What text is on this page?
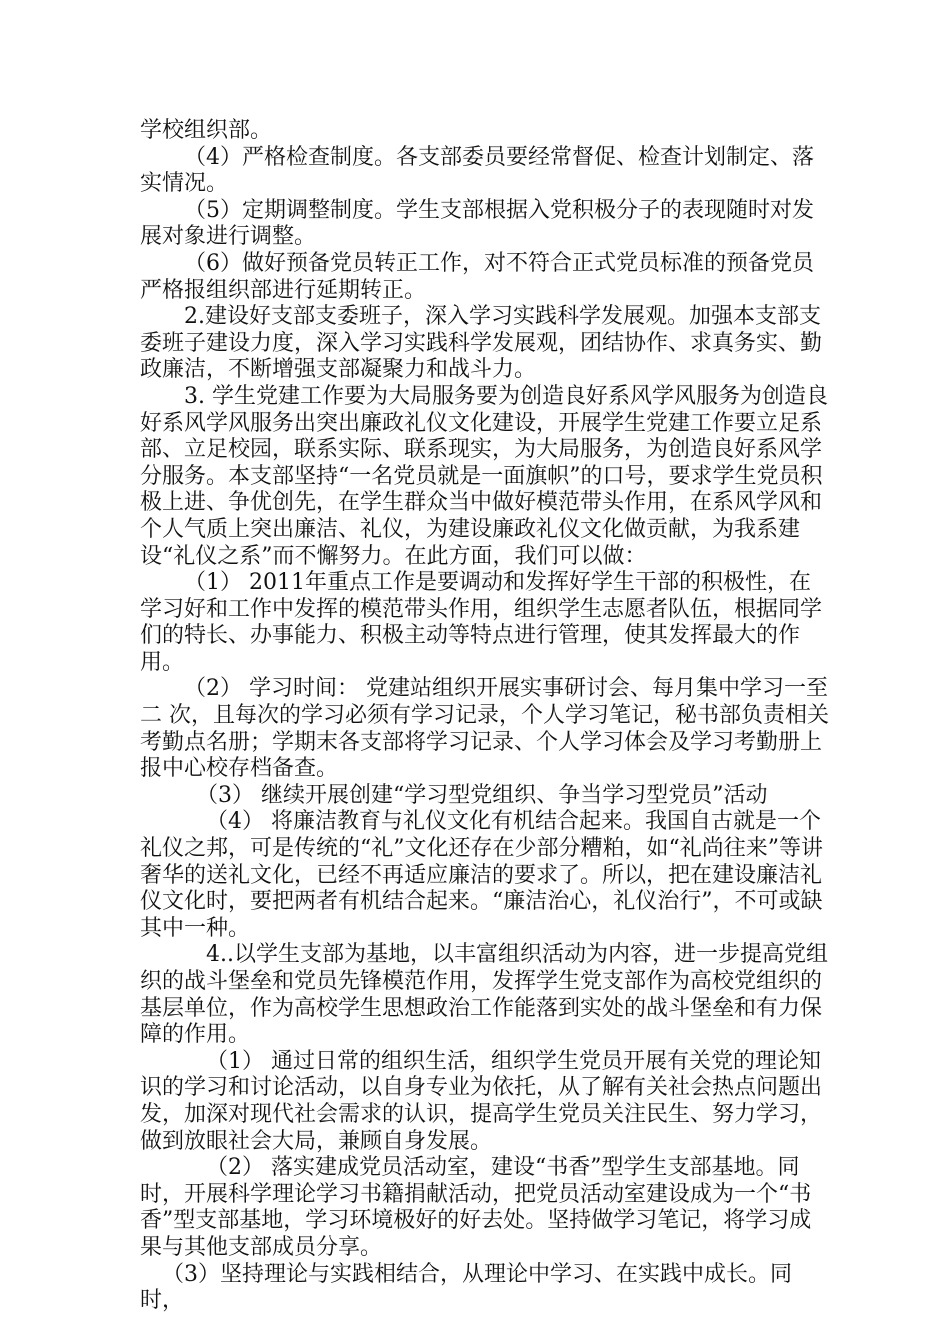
学校组织部。

（4）严格检查制度。各支部委员要经常督促、检查计划制定、落实情况。

（5）定期调整制度。学生支部根据入党积极分子的表现随时对发展对象进行调整。

（6）做好预备党员转正工作，对不符合正式党员标准的预备党员严格报组织部进行延期转正。

2.建设好支部支委班子，深入学习实践科学发展观。加强本支部支委班子建设力度，深入学习实践科学发展观，团结协作、求真务实、勤政廉洁，不断增强支部凝聚力和战斗力。

3. 学生党建工作要为大局服务要为创造良好系风学风服务为创造良好系风学风服务出突出廉政礼仪文化建设，开展学生党建工作要立足系部、立足校园，联系实际、联系现实，为大局服务，为创造良好系风学分服务。本支部坚持“一名党员就是一面旗帜”的口号，要求学生党员积极上进、争优创先，在学生群众当中做好模范带头作用，在系风学风和个人气质上突出廉洁、礼仪，为建设廉政礼仪文化做贡献，为我系建设“礼仪之系”而不懈努力。在此方面，我们可以做：

（1） 2011年重点工作是要调动和发挥好学生干部的积极性，在学习好和工作中发挥的模范带头作用，组织学生志愿者队伍，根据同学们的特长、办事能力、积极主动等特点进行管理，使其发挥最大的作用。

（2） 学习时间： 党建站组织开展实事研讨会、每月集中学习一至二 次，且每次的学习必须有学习记录，个人学习笔记，秘书部负责相关考勤点名册；学期末各支部将学习记录、个人学习体会及学习考勤册上报中心校存档备查。

（3） 继续开展创建“学习型党组织、争当学习型党员”活动

（4） 将廉洁教育与礼仪文化有机结合起来。我国自古就是一个礼仪之邦，可是传统的“礼”文化还存在少部分糟粕，如“礼尚往来”等讲奢华的送礼文化，已经不再适应廉洁的要求了。所以，把在建设廉洁礼仪文化时，要把两者有机结合起来。“廉洁治心，礼仪治行”，不可或缺其中一种。

4..以学生支部为基地，以丰富组织活动为内容，进一步提高党组织的战斗堡垒和党员先锋模范作用，发挥学生党支部作为高校党组织的基层单位，作为高校学生思想政治工作能落到实处的战斗堡垒和有力保障的作用。

（1） 通过日常的组织生活，组织学生党员开展有关党的理论知识的学习和讨论活动，以自身专业为依托，从了解有关社会热点问题出发，加深对现代社会需求的认识，提高学生党员关注民生、努力学习，做到放眼社会大局，兼顾自身发展。

（2） 落实建成党员活动室，建设“书香”型学生支部基地。同时，开展科学理论学习书籍捐献活动，把党员活动室建设成为一个“书香”型支部基地，学习环境极好的好去处。坚持做学习笔记，将学习成果与其他支部成员分享。

（3）坚持理论与实践相结合，从理论中学习、在实践中成长。同时，
